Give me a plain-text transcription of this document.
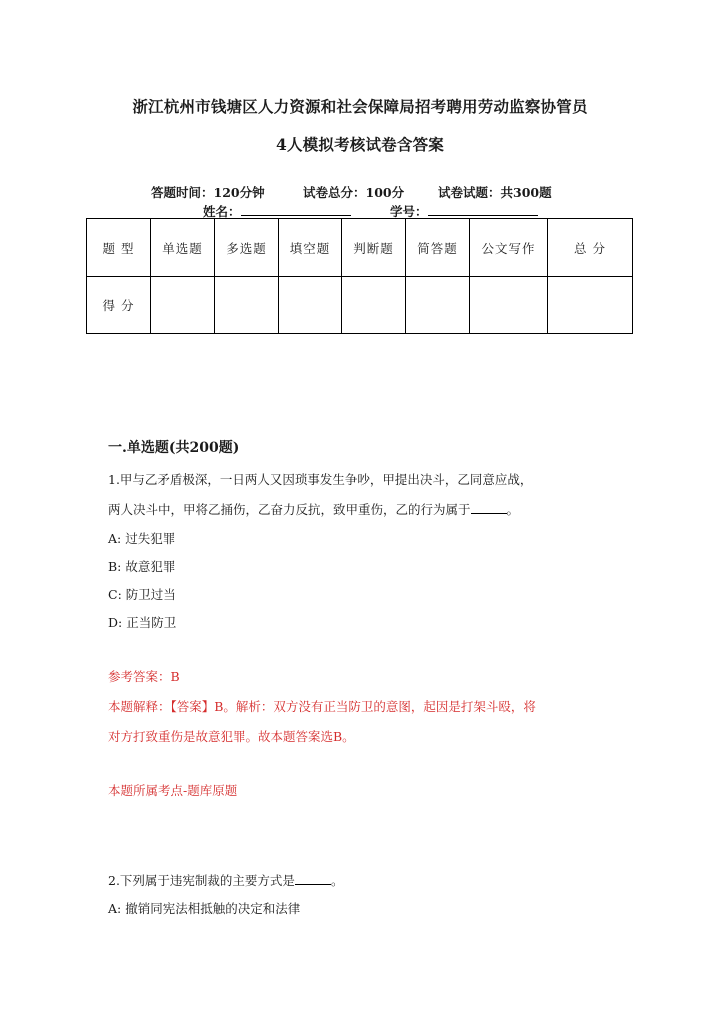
浙江杭州市钱塘区人力资源和社会保障局招考聘用劳动监察协管员
4人模拟考核试卷含答案
答题时间：120分钟	试卷总分：100分	试卷试题：共300题
姓名：	学号：
题 型	单选题	多选题	填空题	判断题	简答题	公文写作	总 分
得 分							
一.单选题(共200题)
1.甲与乙矛盾极深，一日两人又因琐事发生争吵，甲提出决斗，乙同意应战，
两人决斗中，甲将乙捅伤，乙奋力反抗，致甲重伤，乙的行为属于	。
A: 过失犯罪
B: 故意犯罪
C: 防卫过当
D: 正当防卫
参考答案：B
本题解释：【答案】B。解析：双方没有正当防卫的意图，起因是打架斗殴，将
对方打致重伤是故意犯罪。故本题答案选B。
本题所属考点-题库原题
2.下列属于违宪制裁的主要方式是	。
A: 撤销同宪法相抵触的决定和法律
